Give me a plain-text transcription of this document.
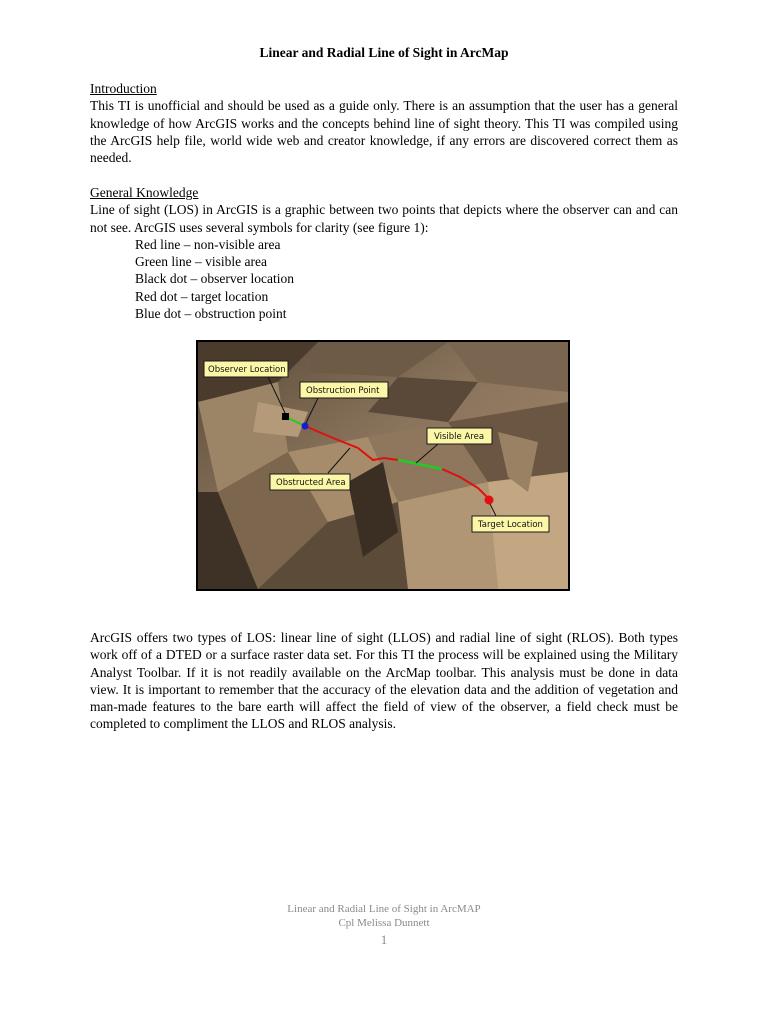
Linear and Radial Line of Sight in ArcMap
Introduction
This TI is unofficial and should be used as a guide only. There is an assumption that the user has a general knowledge of how ArcGIS works and the concepts behind line of sight theory. This TI was compiled using the ArcGIS help file, world wide web and creator knowledge, if any errors are discovered correct them as needed.
General Knowledge
Line of sight (LOS) in ArcGIS is a graphic between two points that depicts where the observer can and can not see. ArcGIS uses several symbols for clarity (see figure 1):
Red line – non-visible area
Green line – visible area
Black dot – observer location
Red dot – target location
Blue dot – obstruction point
Observer Location
Obstruction Point
Visible Area
Obstructed Area
Target Location
ArcGIS offers two types of LOS: linear line of sight (LLOS) and radial line of sight (RLOS). Both types work off of a DTED or a surface raster data set. For this TI the process will be explained using the Military Analyst Toolbar. If it is not readily available on the ArcMap toolbar. This analysis must be done in data view. It is important to remember that the accuracy of the elevation data and the addition of vegetation and man-made features to the bare earth will affect the field of view of the observer, a field check must be completed to compliment the LLOS and RLOS analysis.
Linear and Radial Line of Sight in ArcMAP
Cpl Melissa Dunnett
1
